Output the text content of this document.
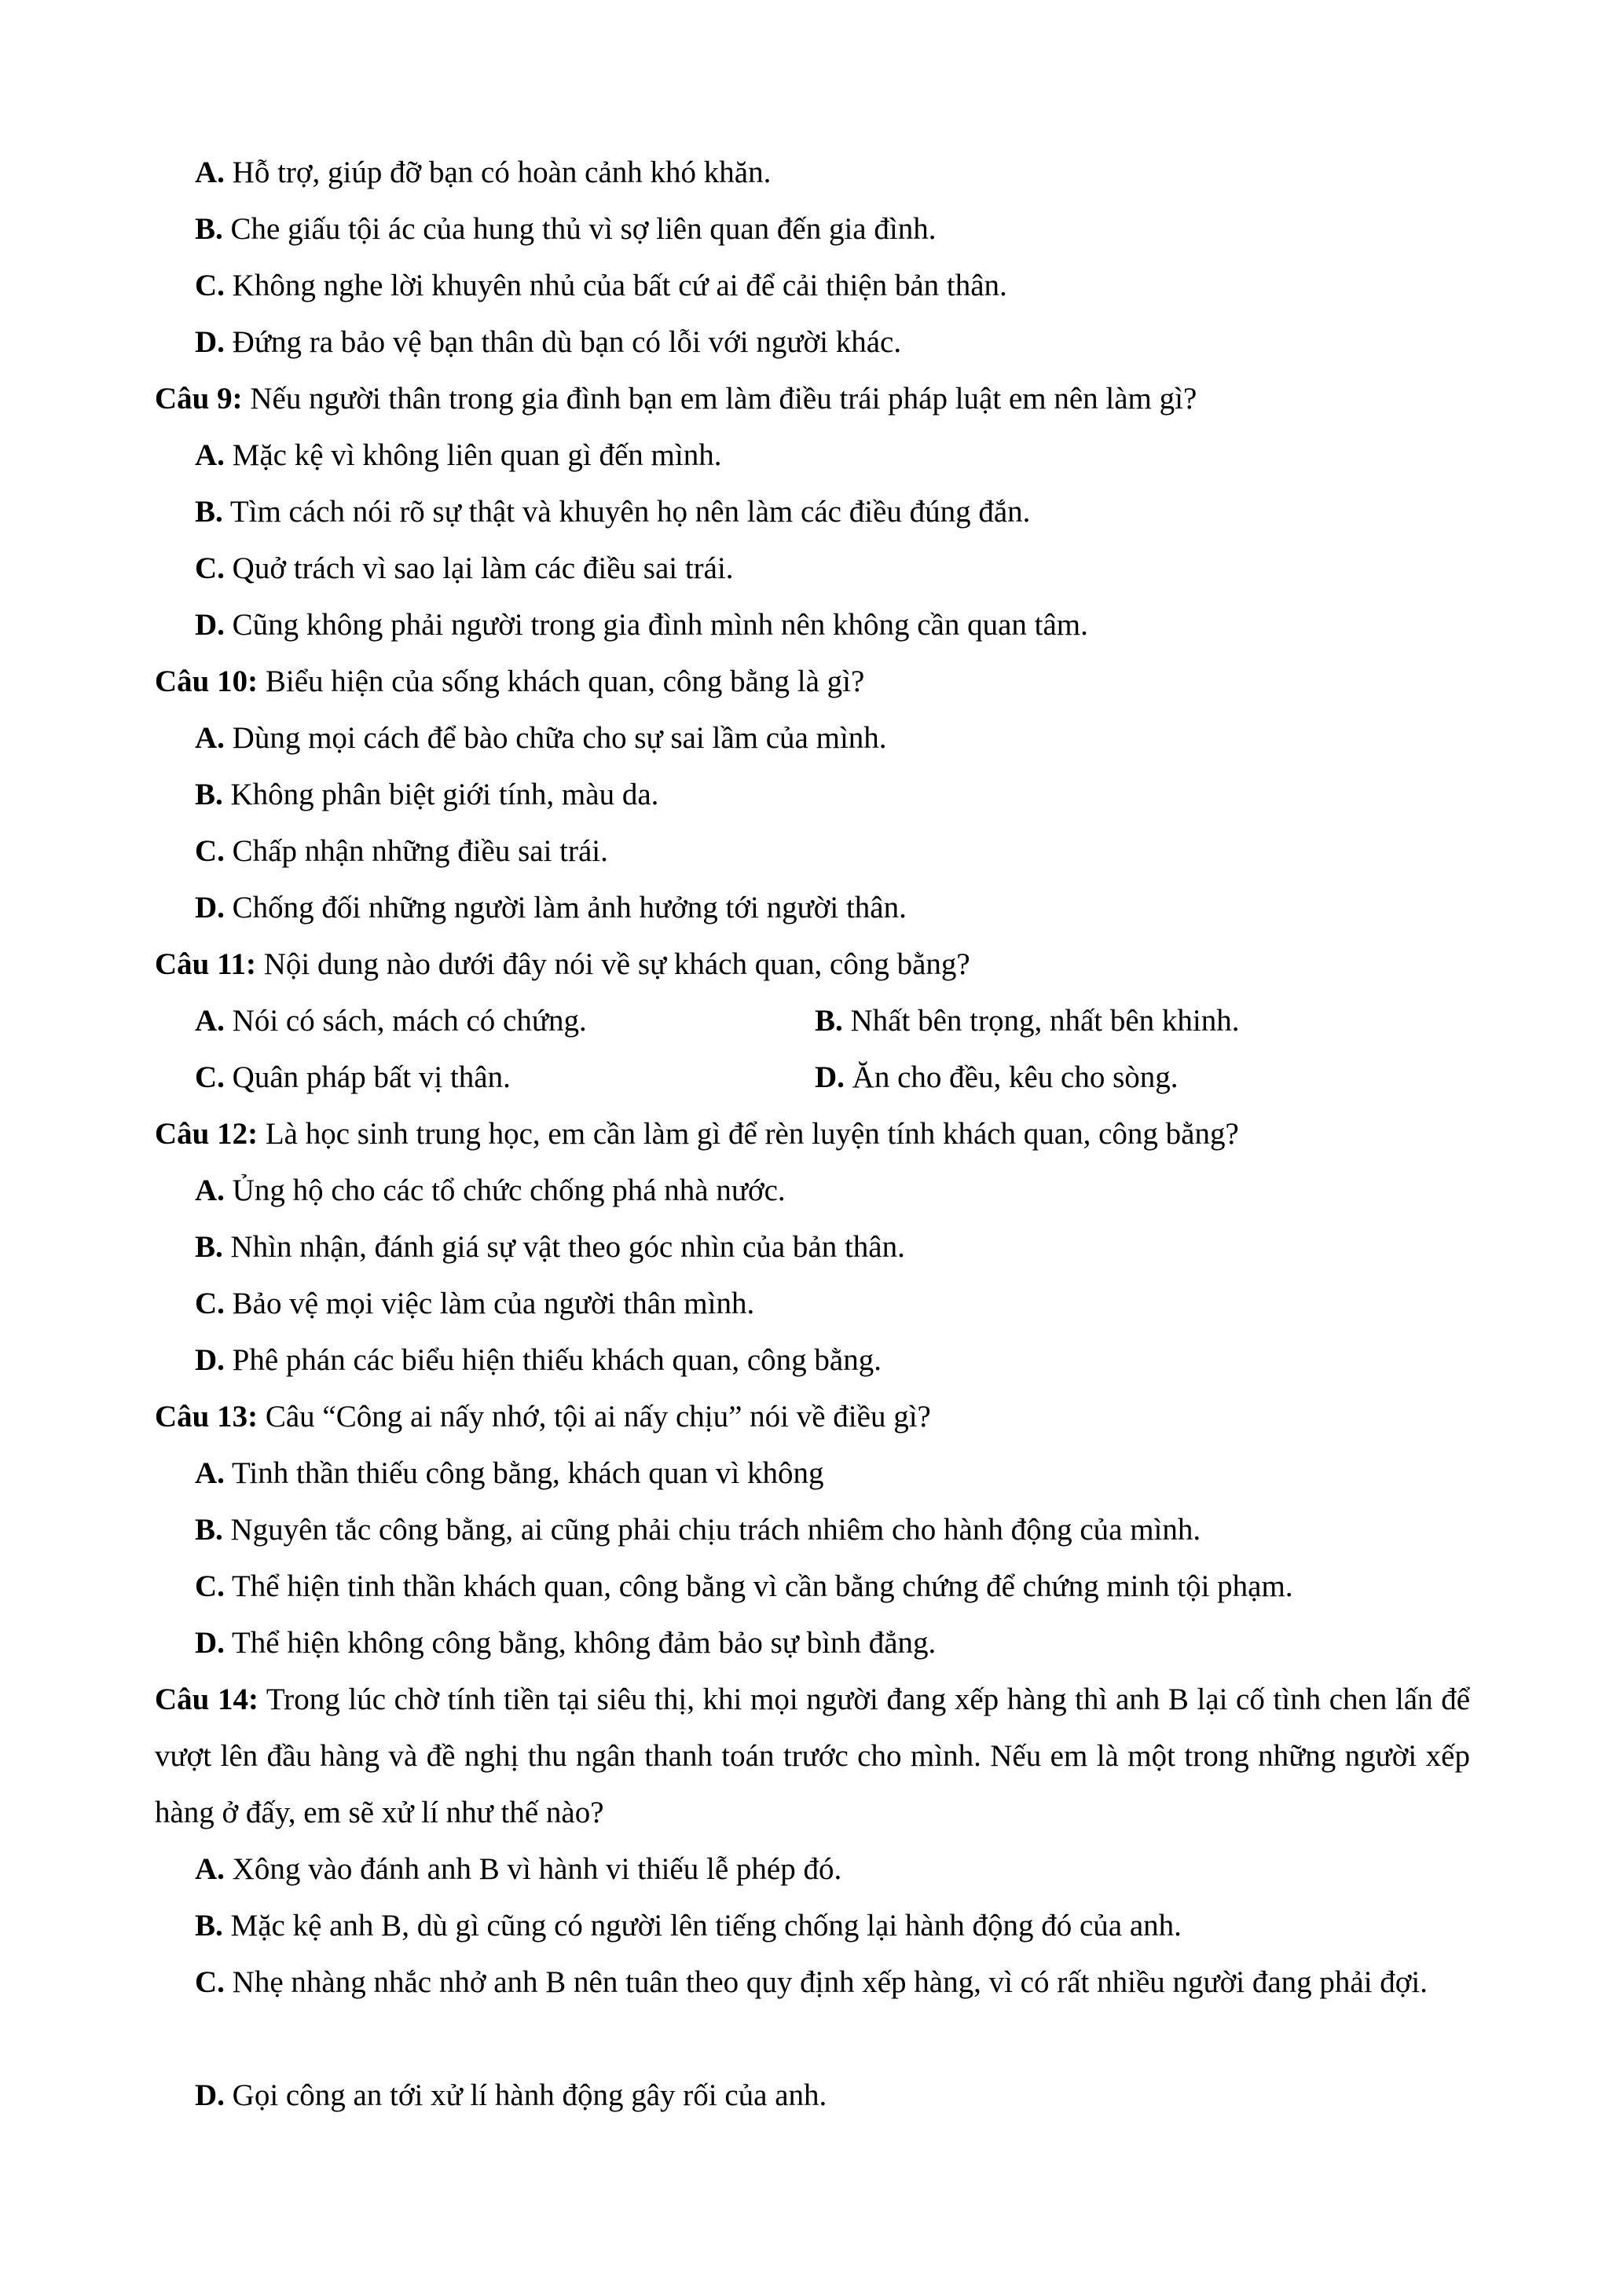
A. Hỗ trợ, giúp đỡ bạn có hoàn cảnh khó khăn.
B. Che giấu tội ác của hung thủ vì sợ liên quan đến gia đình.
C. Không nghe lời khuyên nhủ của bất cứ ai để cải thiện bản thân.
D. Đứng ra bảo vệ bạn thân dù bạn có lỗi với người khác.
Câu 9: Nếu người thân trong gia đình bạn em làm điều trái pháp luật em nên làm gì?
A. Mặc kệ vì không liên quan gì đến mình.
B. Tìm cách nói rõ sự thật và khuyên họ nên làm các điều đúng đắn.
C. Quở trách vì sao lại làm các điều sai trái.
D. Cũng không phải người trong gia đình mình nên không cần quan tâm.
Câu 10: Biểu hiện của sống khách quan, công bằng là gì?
A. Dùng mọi cách để bào chữa cho sự sai lầm của mình.
B. Không phân biệt giới tính, màu da.
C. Chấp nhận những điều sai trái.
D. Chống đối những người làm ảnh hưởng tới người thân.
Câu 11: Nội dung nào dưới đây nói về sự khách quan, công bằng?
A. Nói có sách, mách có chứng.	B. Nhất bên trọng, nhất bên khinh.
C. Quân pháp bất vị thân.	D. Ăn cho đều, kêu cho sòng.
Câu 12: Là học sinh trung học, em cần làm gì để rèn luyện tính khách quan, công bằng?
A. Ủng hộ cho các tổ chức chống phá nhà nước.
B. Nhìn nhận, đánh giá sự vật theo góc nhìn của bản thân.
C. Bảo vệ mọi việc làm của người thân mình.
D. Phê phán các biểu hiện thiếu khách quan, công bằng.
Câu 13: Câu “Công ai nấy nhớ, tội ai nấy chịu” nói về điều gì?
A. Tinh thần thiếu công bằng, khách quan vì không
B. Nguyên tắc công bằng, ai cũng phải chịu trách nhiêm cho hành động của mình.
C. Thể hiện tinh thần khách quan, công bằng vì cần bằng chứng để chứng minh tội phạm.
D. Thể hiện không công bằng, không đảm bảo sự bình đẳng.
Câu 14: Trong lúc chờ tính tiền tại siêu thị, khi mọi người đang xếp hàng thì anh B lại cố tình chen lấn để vượt lên đầu hàng và đề nghị thu ngân thanh toán trước cho mình. Nếu em là một trong những người xếp hàng ở đấy, em sẽ xử lí như thế nào?
A. Xông vào đánh anh B vì hành vi thiếu lễ phép đó.
B. Mặc kệ anh B, dù gì cũng có người lên tiếng chống lại hành động đó của anh.
C. Nhẹ nhàng nhắc nhở anh B nên tuân theo quy định xếp hàng, vì có rất nhiều người đang phải đợi.
D. Gọi công an tới xử lí hành động gây rối của anh.
